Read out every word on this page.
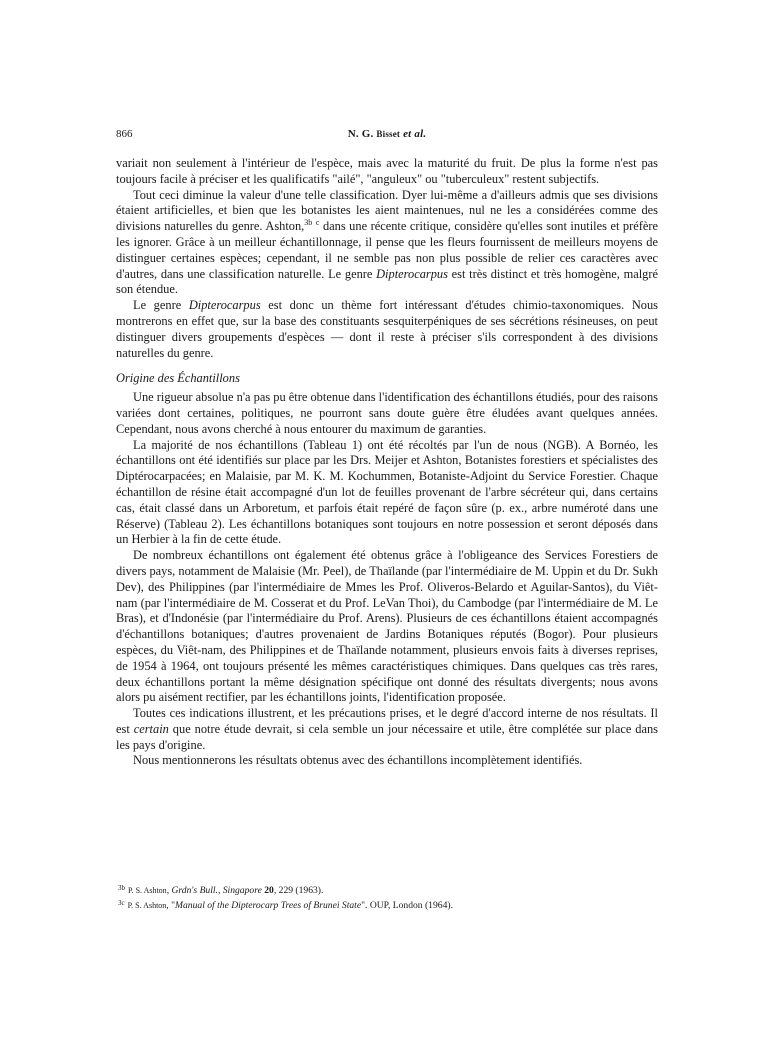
866	N. G. Bisset et al.

variait non seulement à l'intérieur de l'espèce, mais avec la maturité du fruit. De plus la forme n'est pas toujours facile à préciser et les qualificatifs "ailé", "anguleux" ou "tuberculeux" restent subjectifs.

Tout ceci diminue la valeur d'une telle classification. Dyer lui-même a d'ailleurs admis que ses divisions étaient artificielles, et bien que les botanistes les aient maintenues, nul ne les a considérées comme des divisions naturelles du genre. Ashton,$^{3b}$ $^c$ dans une récente critique, considère qu'elles sont inutiles et préfère les ignorer. Grâce à un meilleur échantillonnage, il pense que les fleurs fournissent de meilleurs moyens de distinguer certaines espèces; cependant, il ne semble pas non plus possible de relier ces caractères avec d'autres, dans une classification naturelle. Le genre Dipterocarpus est très distinct et très homogène, malgré son étendue.

Le genre Dipterocarpus est donc un thème fort intéressant d'études chimio-taxonomiques. Nous montrerons en effet que, sur la base des constituants sesquiterpéniques de ses sécrétions résineuses, on peut distinguer divers groupements d'espèces — dont il reste à préciser s'ils correspondent à des divisions naturelles du genre.

Origine des Échantillons

Une rigueur absolue n'a pas pu être obtenue dans l'identification des échantillons étudiés, pour des raisons variées dont certaines, politiques, ne pourront sans doute guère être éludées avant quelques années. Cependant, nous avons cherché à nous entourer du maximum de garanties.

La majorité de nos échantillons (Tableau 1) ont été récoltés par l'un de nous (NGB). A Bornéo, les échantillons ont été identifiés sur place par les Drs. Meijer et Ashton, Botanistes forestiers et spécialistes des Diptérocarpacées; en Malaisie, par M. K. M. Kochummen, Botaniste-Adjoint du Service Forestier. Chaque échantillon de résine était accompagné d'un lot de feuilles provenant de l'arbre sécréteur qui, dans certains cas, était classé dans un Arboretum, et parfois était repéré de façon sûre (p. ex., arbre numéroté dans une Réserve) (Tableau 2). Les échantillons botaniques sont toujours en notre possession et seront déposés dans un Herbier à la fin de cette étude.

De nombreux échantillons ont également été obtenus grâce à l'obligeance des Services Forestiers de divers pays, notamment de Malaisie (Mr. Peel), de Thaïlande (par l'intermédiaire de M. Uppin et du Dr. Sukh Dev), des Philippines (par l'intermédiaire de Mmes les Prof. Oliveros-Belardo et Aguilar-Santos), du Viêt-nam (par l'intermédiaire de M. Cosserat et du Prof. LeVan Thoi), du Cambodge (par l'intermédiaire de M. Le Bras), et d'Indonésie (par l'intermédiaire du Prof. Arens). Plusieurs de ces échantillons étaient accompagnés d'échantillons botaniques; d'autres provenaient de Jardins Botaniques réputés (Bogor). Pour plusieurs espèces, du Viêt-nam, des Philippines et de Thaïlande notamment, plusieurs envois faits à diverses reprises, de 1954 à 1964, ont toujours présenté les mêmes caractéristiques chimiques. Dans quelques cas très rares, deux échantillons portant la même désignation spécifique ont donné des résultats divergents; nous avons alors pu aisément rectifier, par les échantillons joints, l'identification proposée.

Toutes ces indications illustrent, et les précautions prises, et le degré d'accord interne de nos résultats. Il est certain que notre étude devrait, si cela semble un jour nécessaire et utile, être complétée sur place dans les pays d'origine.

Nous mentionnerons les résultats obtenus avec des échantillons incomplètement identifiés.

$^{3b}$ P. S. Ashton, Grdn's Bull., Singapore 20, 229 (1963).

$^{3c}$ P. S. Ashton, "Manual of the Dipterocarp Trees of Brunei State". OUP, London (1964).
